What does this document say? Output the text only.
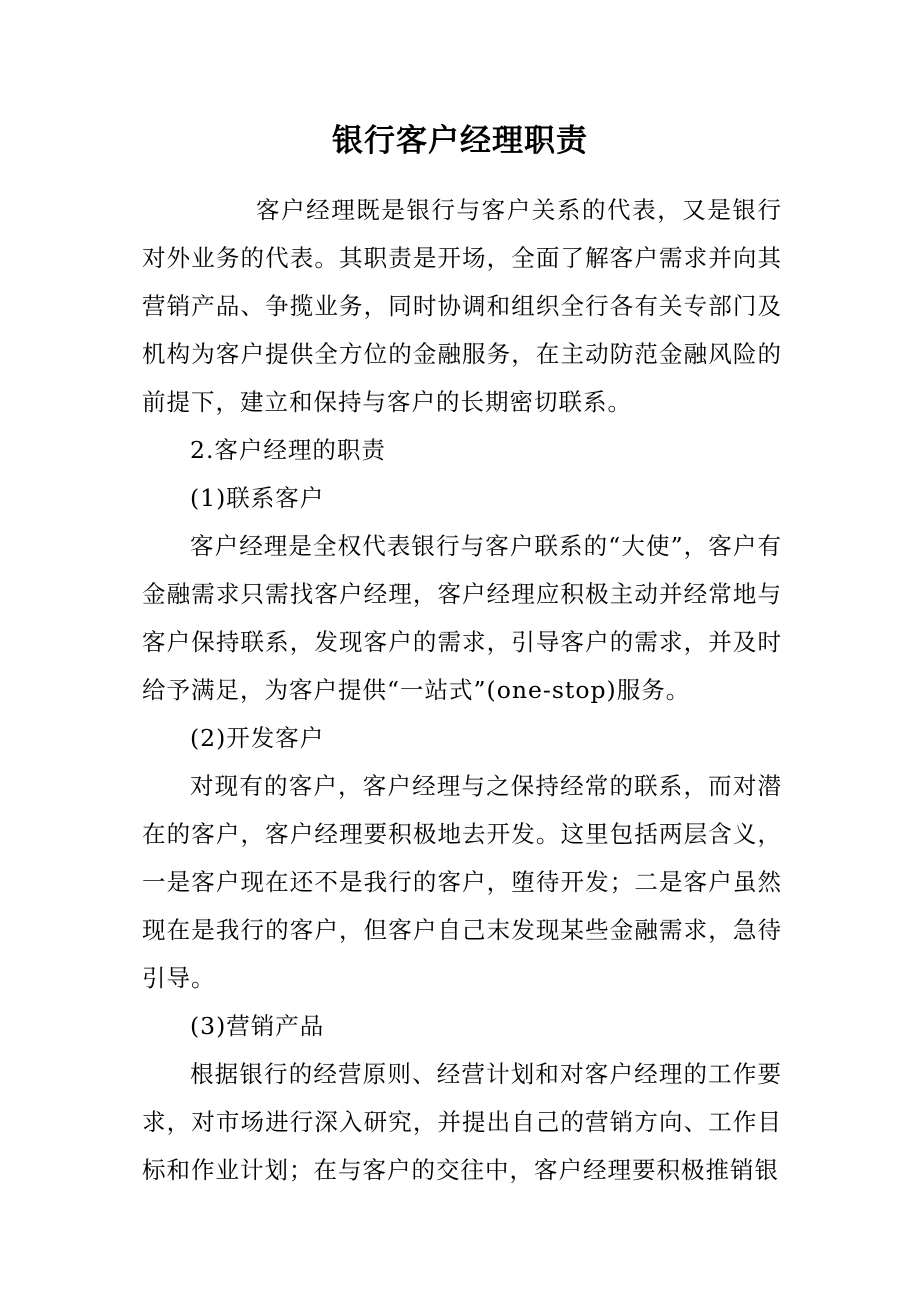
银行客户经理职责

客户经理既是银行与客户关系的代表，又是银行对外业务的代表。其职责是开场，全面了解客户需求并向其营销产品、争揽业务，同时协调和组织全行各有关专部门及机构为客户提供全方位的金融服务，在主动防范金融风险的前提下，建立和保持与客户的长期密切联系。

2.客户经理的职责

(1)联系客户

客户经理是全权代表银行与客户联系的“大使”，客户有金融需求只需找客户经理，客户经理应积极主动并经常地与客户保持联系，发现客户的需求，引导客户的需求，并及时给予满足，为客户提供“一站式”(one-stop)服务。

(2)开发客户

对现有的客户，客户经理与之保持经常的联系，而对潜在的客户，客户经理要积极地去开发。这里包括两层含义，一是客户现在还不是我行的客户，堕待开发；二是客户虽然现在是我行的客户，但客户自己末发现某些金融需求，急待引导。

(3)营销产品

根据银行的经营原则、经营计划和对客户经理的工作要求，对市场进行深入研究，并提出自己的营销方向、工作目标和作业计划；在与客户的交往中，客户经理要积极推销银
